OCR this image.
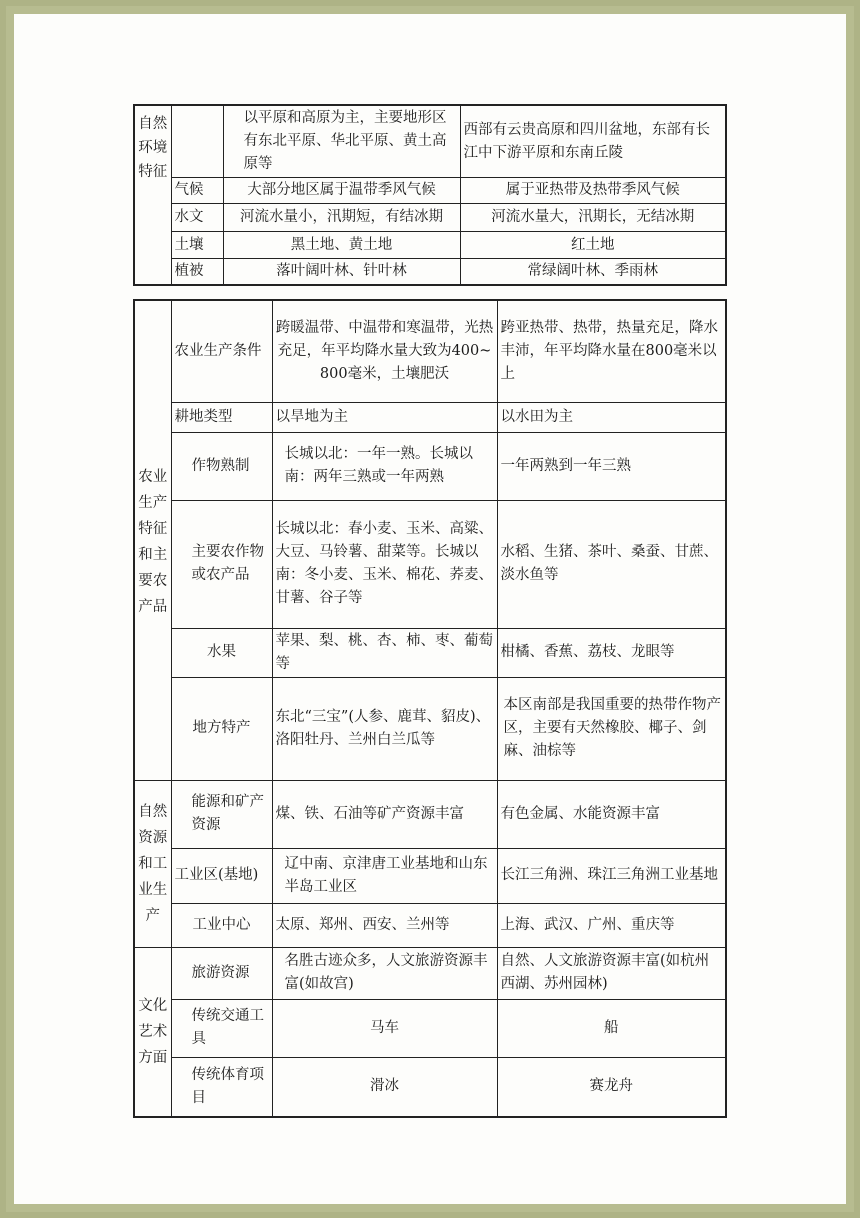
自然环境特征		以平原和高原为主，主要地形区有东北平原、华北平原、黄土高原等	西部有云贵高原和四川盆地，东部有长江中下游平原和东南丘陵
	气候	大部分地区属于温带季风气候	属于亚热带及热带季风气候
	水文	河流水量小，汛期短，有结冰期	河流水量大，汛期长，无结冰期
	土壤	黑土地、黄土地	红土地
	植被	落叶阔叶林、针叶林	常绿阔叶林、季雨林
农业生产特征和主要农产品	农业生产条件	跨暖温带、中温带和寒温带，光热充足，年平均降水量大致为400~800毫米，土壤肥沃	跨亚热带、热带，热量充足，降水丰沛，年平均降水量在800毫米以上
	耕地类型	以旱地为主	以水田为主
	作物熟制	长城以北：一年一熟。长城以南：两年三熟或一年两熟	一年两熟到一年三熟
	主要农作物或农产品	长城以北：春小麦、玉米、高粱、大豆、马铃薯、甜菜等。长城以南：冬小麦、玉米、棉花、荞麦、甘薯、谷子等	水稻、生猪、茶叶、桑蚕、甘蔗、淡水鱼等
	水果	苹果、梨、桃、杏、柿、枣、葡萄等	柑橘、香蕉、荔枝、龙眼等
	地方特产	东北“三宝”(人参、鹿茸、貂皮)、洛阳牡丹、兰州白兰瓜等	本区南部是我国重要的热带作物产区，主要有天然橡胶、椰子、剑麻、油棕等
自然资源和工业生产	能源和矿产资源	煤、铁、石油等矿产资源丰富	有色金属、水能资源丰富
	工业区(基地)	辽中南、京津唐工业基地和山东半岛工业区	长江三角洲、珠江三角洲工业基地
	工业中心	太原、郑州、西安、兰州等	上海、武汉、广州、重庆等
文化艺术方面	旅游资源	名胜古迹众多，人文旅游资源丰富(如故宫)	自然、人文旅游资源丰富(如杭州西湖、苏州园林)
	传统交通工具	马车	船
	传统体育项目	滑冰	赛龙舟
